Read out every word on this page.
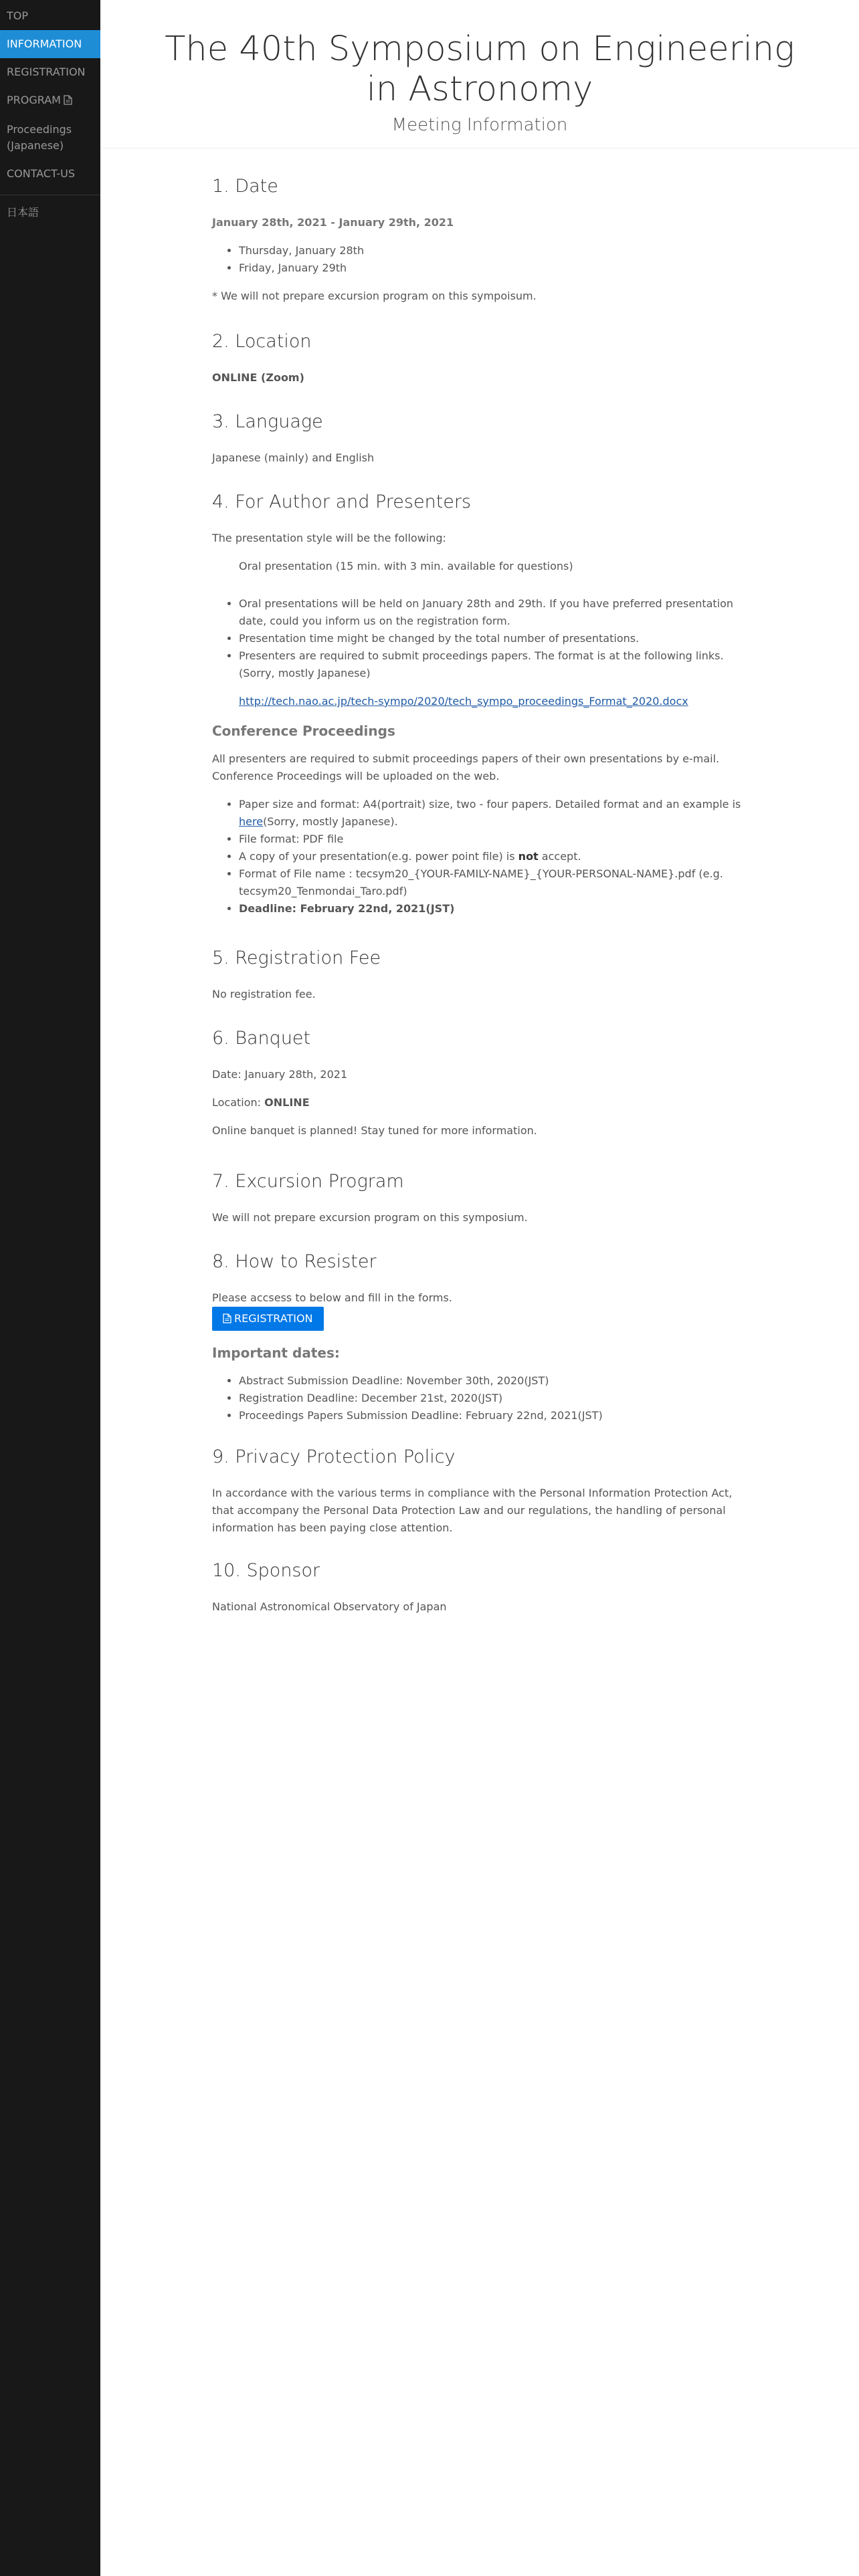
TOP
INFORMATION
REGISTRATION
PROGRAM
Proceedings (Japanese)
CONTACT-US
日本語
The 40th Symposium on Engineering in Astronomy
Meeting Information
1. Date

January 28th, 2021 - January 29th, 2021

• Thursday, January 28th
• Friday, January 29th

* We will not prepare excursion program on this sympoisum.

2. Location

ONLINE (Zoom)

3. Language

Japanese (mainly) and English

4. For Author and Presenters

The presentation style will be the following:

Oral presentation (15 min. with 3 min. available for questions)

• Oral presentations will be held on January 28th and 29th. If you have preferred presentation date, could you inform us on the registration form.
• Presentation time might be changed by the total number of presentations.
• Presenters are required to submit proceedings papers. The format is at the following links. (Sorry, mostly Japanese)

http://tech.nao.ac.jp/tech-sympo/2020/tech_sympo_proceedings_Format_2020.docx

Conference Proceedings

All presenters are required to submit proceedings papers of their own presentations by e-mail. Conference Proceedings will be uploaded on the web.

• Paper size and format: A4(portrait) size, two - four papers. Detailed format and an example is here(Sorry, mostly Japanese).
• File format: PDF file
• A copy of your presentation(e.g. power point file) is not accept.
• Format of File name : tecsym20_{YOUR-FAMILY-NAME}_{YOUR-PERSONAL-NAME}.pdf (e.g. tecsym20_Tenmondai_Taro.pdf)
• Deadline: February 22nd, 2021(JST)
5. Registration Fee

No registration fee.

6. Banquet

Date: January 28th, 2021

Location: ONLINE

Online banquet is planned! Stay tuned for more information.

7. Excursion Program

We will not prepare excursion program on this symposium.

8. How to Resister

Please accsess to below and fill in the forms.

REGISTRATION
Important dates:
• Abstract Submission Deadline: November 30th, 2020(JST)
• Registration Deadline: December 21st, 2020(JST)
• Proceedings Papers Submission Deadline: February 22nd, 2021(JST)
9. Privacy Protection Policy

In accordance with the various terms in compliance with the Personal Information Protection Act, that accompany the Personal Data Protection Law and our regulations, the handling of personal information has been paying close attention.

10. Sponsor

National Astronomical Observatory of Japan
